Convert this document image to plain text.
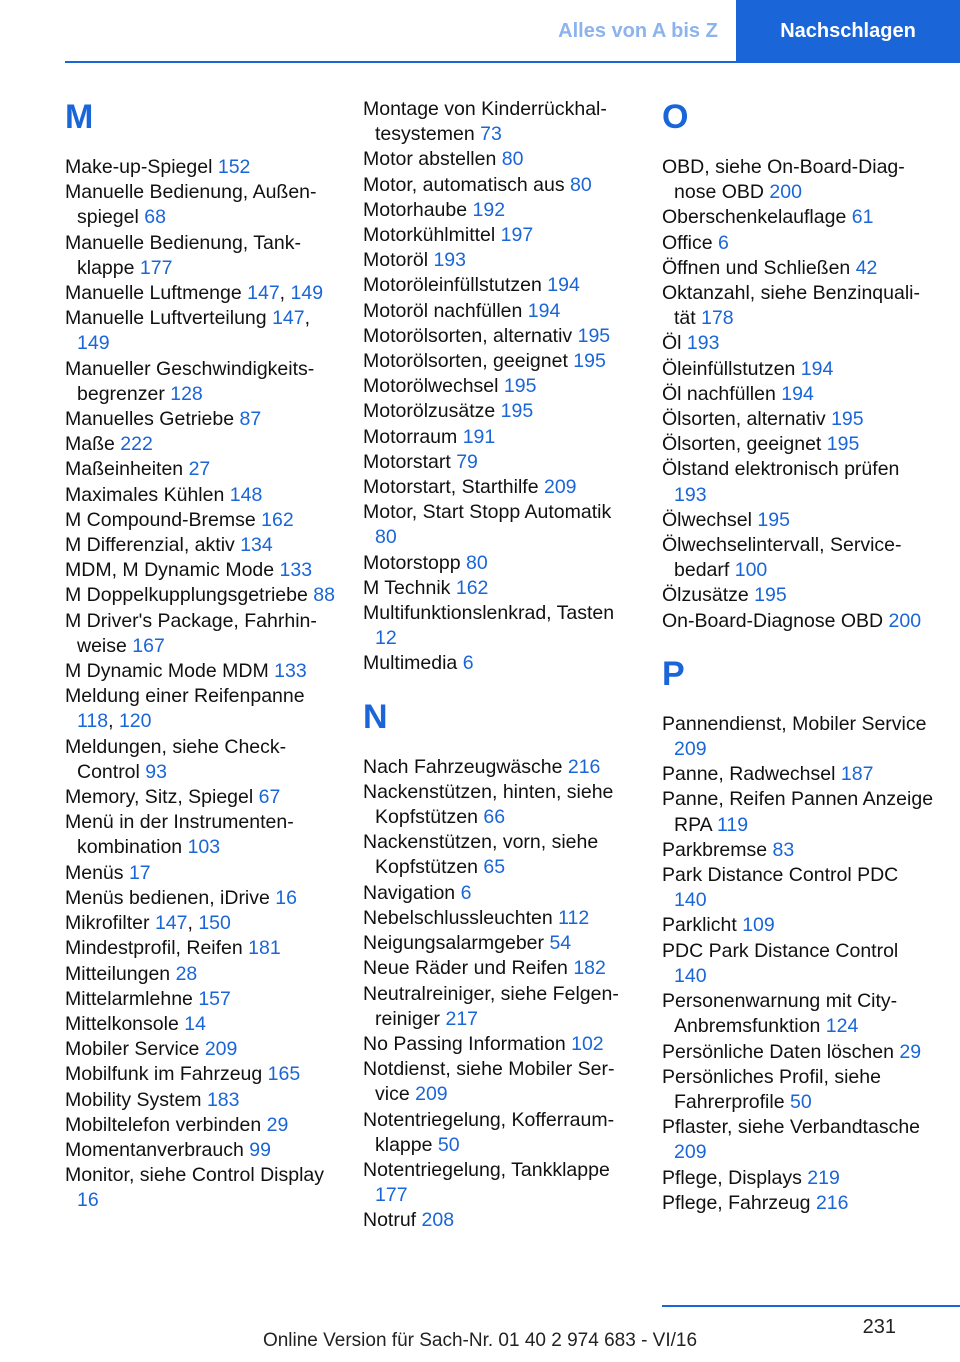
Alles von A bis Z	Nachschlagen
M
Make-up-Spiegel 152
Manuelle Bedienung, Außenspiegel 68
Manuelle Bedienung, Tankklappe 177
Manuelle Luftmenge 147, 149
Manuelle Luftverteilung 147, 149
Manueller Geschwindigkeitsbegrenzer 128
Manuelles Getriebe 87
Maße 222
Maßeinheiten 27
Maximales Kühlen 148
M Compound-Bremse 162
M Differenzial, aktiv 134
MDM, M Dynamic Mode 133
M Doppelkupplungsgetriebe 88
M Driver's Package, Fahrhinweise 167
M Dynamic Mode MDM 133
Meldung einer Reifenpanne 118, 120
Meldungen, siehe Check-Control 93
Memory, Sitz, Spiegel 67
Menü in der Instrumentenkombination 103
Menüs 17
Menüs bedienen, iDrive 16
Mikrofilter 147, 150
Mindestprofil, Reifen 181
Mitteilungen 28
Mittelarmlehne 157
Mittelkonsole 14
Mobiler Service 209
Mobilfunk im Fahrzeug 165
Mobility System 183
Mobiltelefon verbinden 29
Momentanverbrauch 99
Monitor, siehe Control Display 16
Montage von Kinderrückhaltesystemen 73
Motor abstellen 80
Motor, automatisch aus 80
Motorhaube 192
Motorkühlmittel 197
Motoröl 193
Motoröleinfüllstutzen 194
Motoröl nachfüllen 194
Motorölsorten, alternativ 195
Motorölsorten, geeignet 195
Motorölwechsel 195
Motorölzusätze 195
Motorraum 191
Motorstart 79
Motorstart, Starthilfe 209
Motor, Start Stopp Automatik 80
Motorstopp 80
M Technik 162
Multifunktionslenkrad, Tasten 12
Multimedia 6
N
Nach Fahrzeugwäsche 216
Nackenstützen, hinten, siehe Kopfstützen 66
Nackenstützen, vorn, siehe Kopfstützen 65
Navigation 6
Nebelschlussleuchten 112
Neigungsalarmgeber 54
Neue Räder und Reifen 182
Neutralreiniger, siehe Felgenreiniger 217
No Passing Information 102
Notdienst, siehe Mobiler Service 209
Notentriegelung, Kofferraumklappe 50
Notentriegelung, Tankklappe 177
Notruf 208
O
OBD, siehe On-Board-Diagnose OBD 200
Oberschenkelauflage 61
Office 6
Öffnen und Schließen 42
Oktanzahl, siehe Benzinqualität 178
Öl 193
Öleinfüllstutzen 194
Öl nachfüllen 194
Ölsorten, alternativ 195
Ölsorten, geeignet 195
Ölstand elektronisch prüfen 193
Ölwechsel 195
Ölwechselintervall, Servicebedarf 100
Ölzusätze 195
On-Board-Diagnose OBD 200
P
Pannendienst, Mobiler Service 209
Panne, Radwechsel 187
Panne, Reifen Pannen Anzeige RPA 119
Parkbremse 83
Park Distance Control PDC 140
Parklicht 109
PDC Park Distance Control 140
Personenwarnung mit City-Anbremsfunktion 124
Persönliche Daten löschen 29
Persönliches Profil, siehe Fahrerprofile 50
Pflaster, siehe Verbandtasche 209
Pflege, Displays 219
Pflege, Fahrzeug 216
231
Online Version für Sach-Nr. 01 40 2 974 683 - VI/16
